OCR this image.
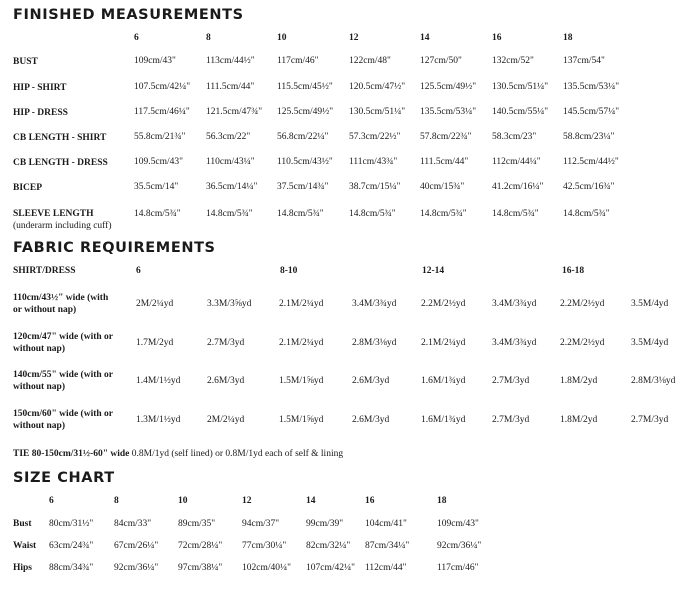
FINISHED MEASUREMENTS
6	8	10	12	14	16	18
BUST	109cm/43"	113cm/44½" 117cm/46"	122cm/48"	127cm/50"	132cm/52"	137cm/54"
HIP - SHIRT	107.5cm/42¼" 111.5cm/44" 115.5cm/45½" 120.5cm/47½" 125.5cm/49½" 130.5cm/51¼" 135.5cm/53¼"
HIP - DRESS	117.5cm/46¼" 121.5cm/47¾" 125.5cm/49½" 130.5cm/51¼" 135.5cm/53¼" 140.5cm/55¼" 145.5cm/57¼"
CB LENGTH - SHIRT	55.8cm/21¾" 56.3cm/22"	56.8cm/22¼" 57.3cm/22½" 57.8cm/22¾" 58.3cm/23"	58.8cm/23¼"
CB LENGTH - DRESS	109.5cm/43" 110cm/43¼" 110.5cm/43½" 111cm/43¾" 111.5cm/44" 112cm/44¼" 112.5cm/44½"
BICEP	35.5cm/14"	36.5cm/14¼" 37.5cm/14¾" 38.7cm/15¼" 40cm/15¾"	41.2cm/16¼" 42.5cm/16¾"
SLEEVE LENGTH
(underarm including cuff)
14.8cm/5¾"	14.8cm/5¾"	14.8cm/5¾"	14.8cm/5¾"	14.8cm/5¾"	14.8cm/5¾"	14.8cm/5¾"
FABRIC REQUIREMENTS
SHIRT/DRESS	6	8-10	12-14	16-18
110cm/43½" wide (with
or without nap)
2M/2¼yd	3.3M/3⅝yd	2.1M/2¼yd	3.4M/3¾yd	2.2M/2½yd	3.4M/3¾yd 2.2M/2½yd	3.5M/4yd
120cm/47" wide (with or
without nap)
1.7M/2yd	2.7M/3yd	2.1M/2¼yd	2.8M/3⅛yd	2.1M/2¼yd	3.4M/3¾yd 2.2M/2½yd	3.5M/4yd
140cm/55" wide (with or
without nap)
1.4M/1½yd	2.6M/3yd	1.5M/1⅝yd	2.6M/3yd	1.6M/1¾yd	2.7M/3yd	1.8M/2yd	2.8M/3⅛yd
150cm/60" wide (with or
without nap)
1.3M/1½yd	2M/2¼yd	1.5M/1⅝yd	2.6M/3yd	1.6M/1¾yd	2.7M/3yd	1.8M/2yd	2.7M/3yd
TIE 80-150cm/31½-60" wide 0.8M/1yd (self lined) or 0.8M/1yd each of self & lining
SIZE CHART
6	8	10	12	14	16	18
Bust 80cm/31½" 84cm/33"	89cm/35"	94cm/37"	99cm/39" 104cm/41"	109cm/43"
Waist 63cm/24¾" 67cm/26¼" 72cm/28¼" 77cm/30¼" 82cm/32¼" 87cm/34¼"	92cm/36¼"
Hips 88cm/34¾" 92cm/36¼" 97cm/38¼" 102cm/40¼" 107cm/42¼" 112cm/44"	117cm/46"
